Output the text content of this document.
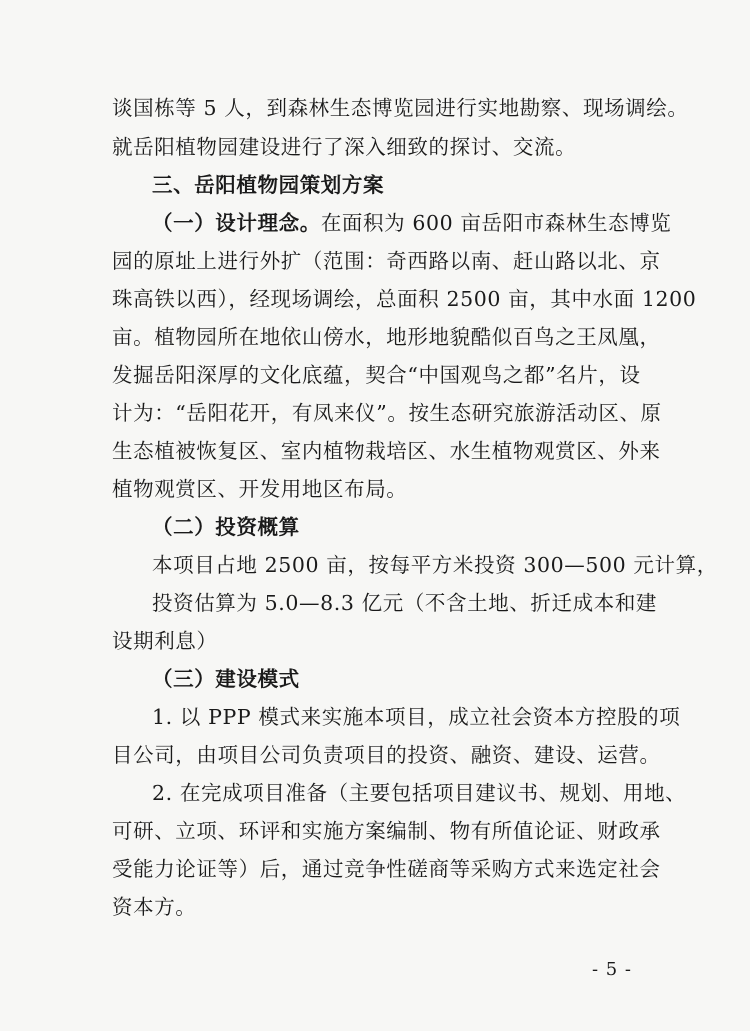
谈国栋等 5 人，到森林生态博览园进行实地勘察、现场调绘。
就岳阳植物园建设进行了深入细致的探讨、交流。
三、岳阳植物园策划方案
（一）设计理念。在面积为 600 亩岳阳市森林生态博览
园的原址上进行外扩（范围：奇西路以南、赶山路以北、京
珠高铁以西），经现场调绘，总面积 2500 亩，其中水面 1200
亩。植物园所在地依山傍水，地形地貌酷似百鸟之王凤凰，
发掘岳阳深厚的文化底蕴，契合“中国观鸟之都”名片，设
计为：“岳阳花开，有凤来仪”。按生态研究旅游活动区、原
生态植被恢复区、室内植物栽培区、水生植物观赏区、外来
植物观赏区、开发用地区布局。
（二）投资概算
本项目占地 2500 亩，按每平方米投资 300—500 元计算，
投资估算为 5.0—8.3 亿元（不含土地、折迁成本和建
设期利息）
（三）建设模式
1. 以 PPP 模式来实施本项目，成立社会资本方控股的项
目公司，由项目公司负责项目的投资、融资、建设、运营。
2. 在完成项目准备（主要包括项目建议书、规划、用地、
可研、立项、环评和实施方案编制、物有所值论证、财政承
受能力论证等）后，通过竞争性磋商等采购方式来选定社会
资本方。
- 5 -
